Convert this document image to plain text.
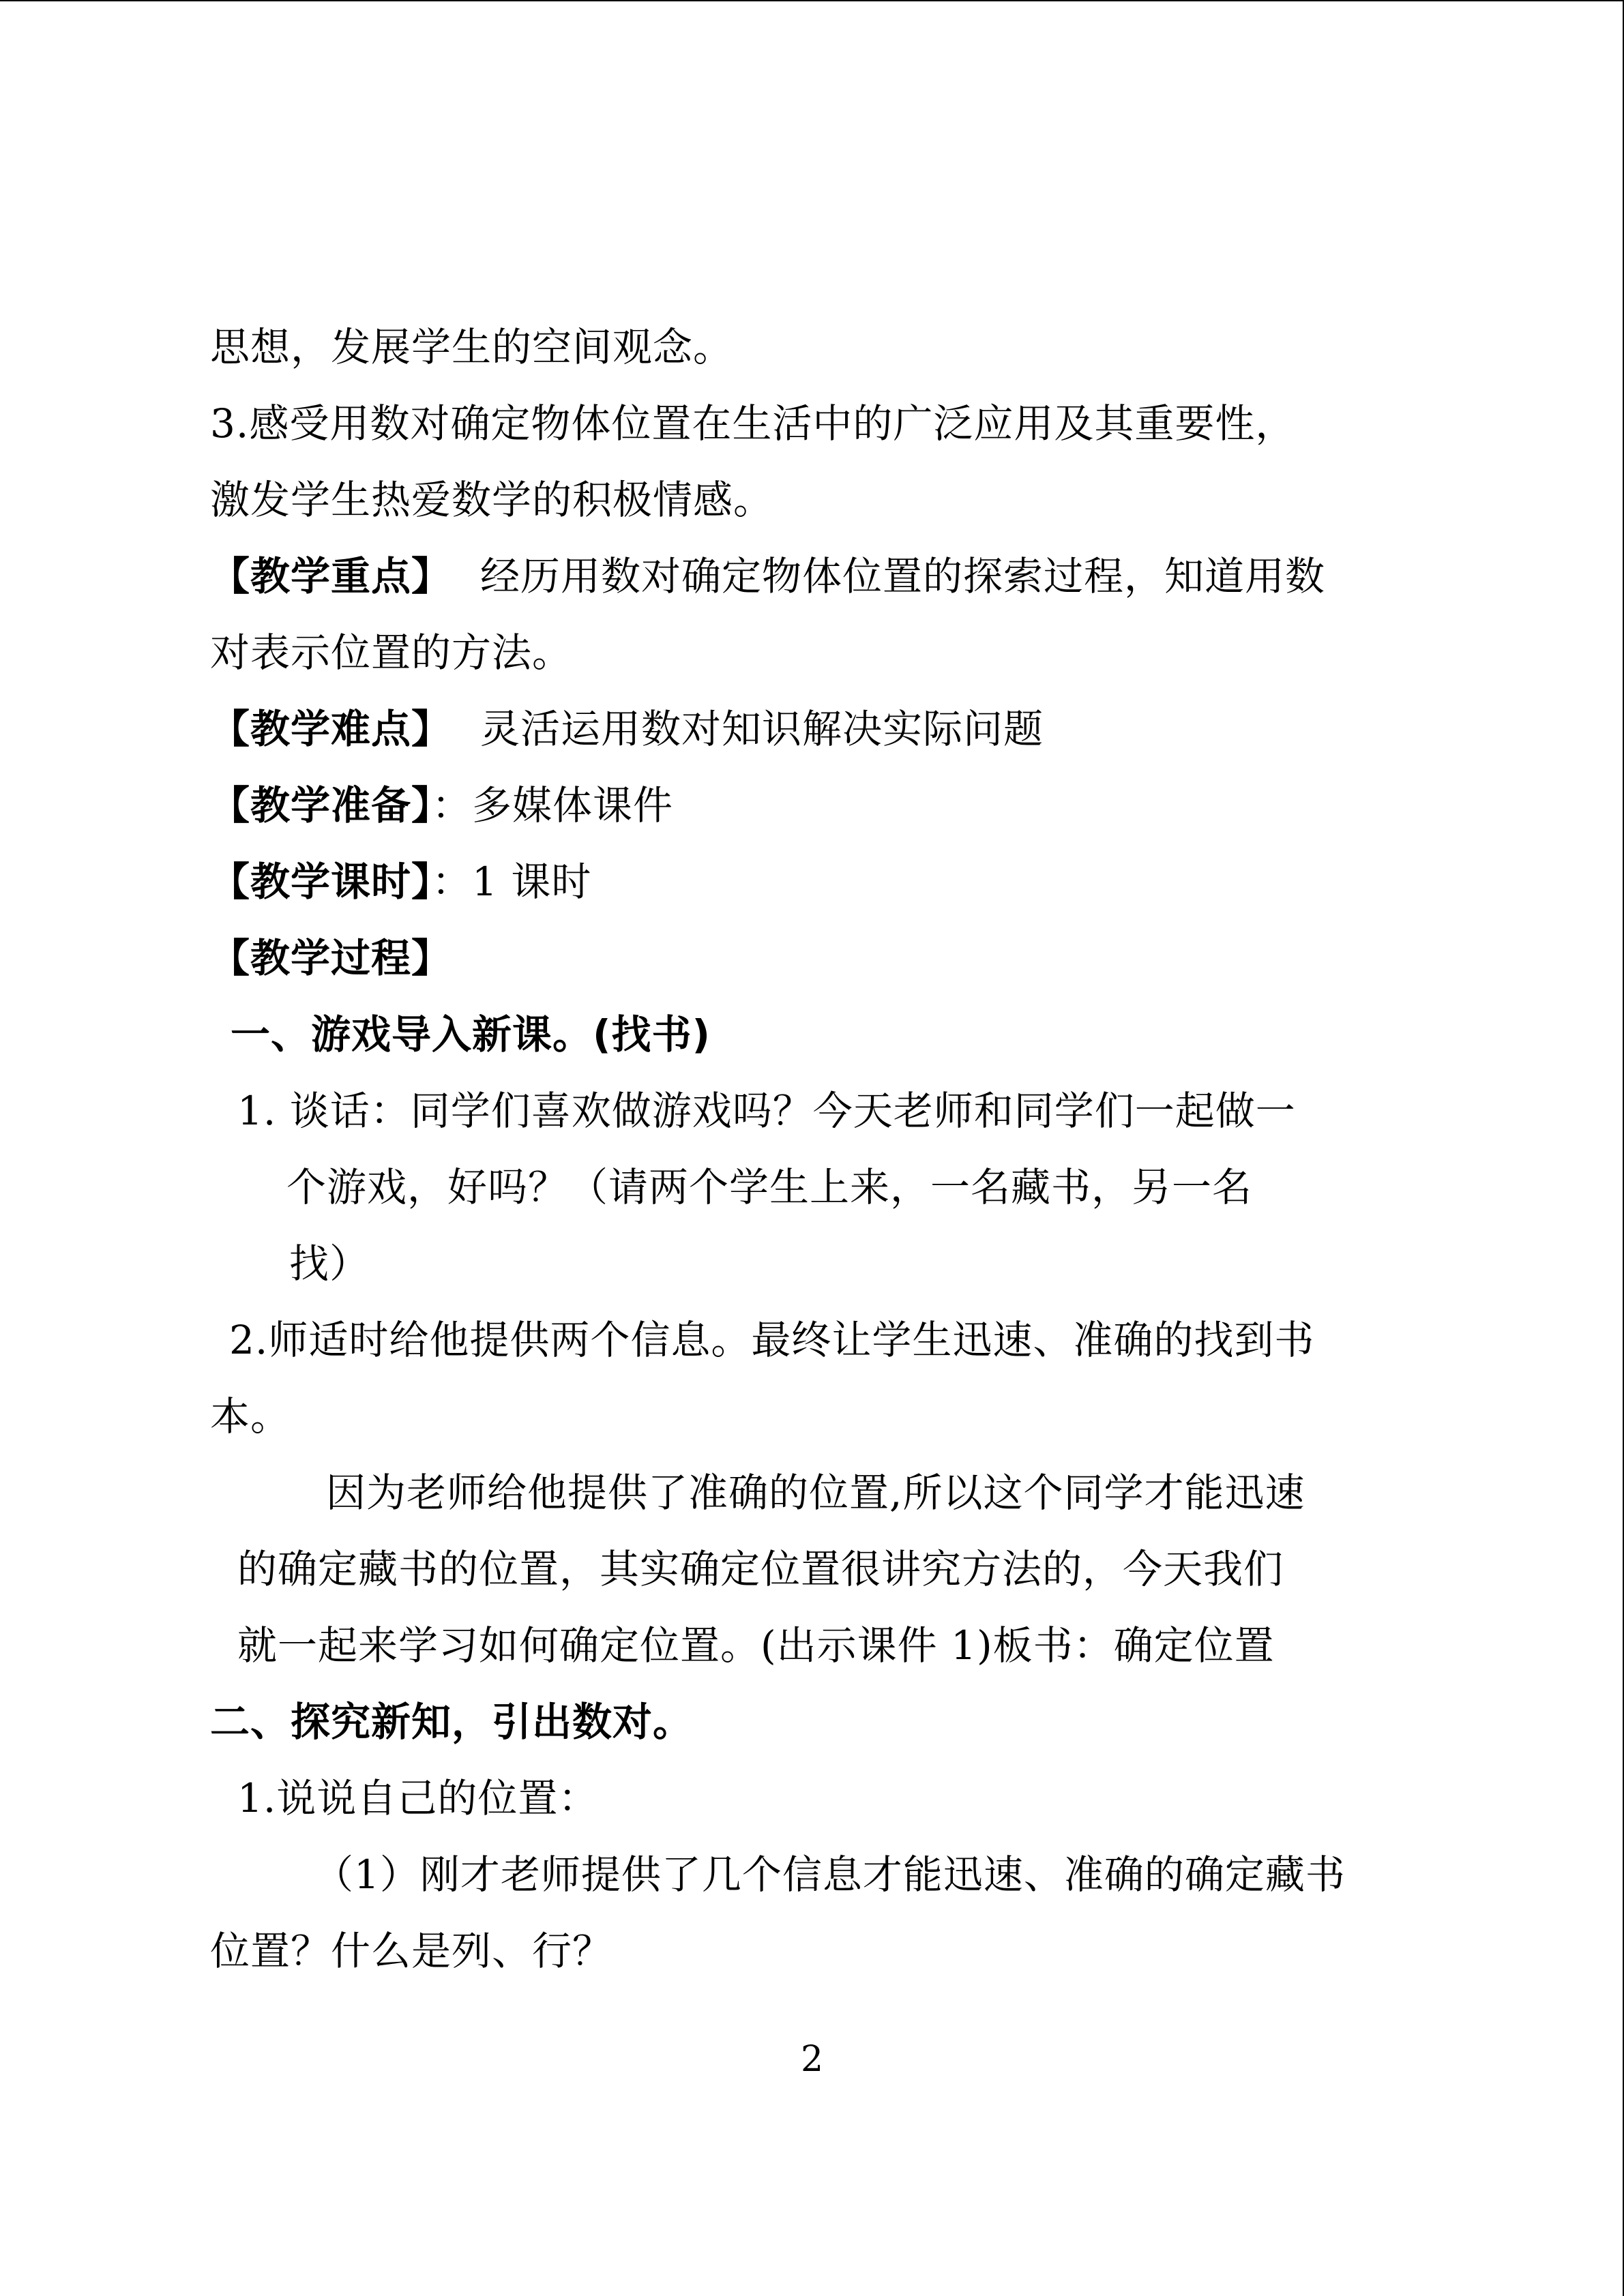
思想，发展学生的空间观念。

3.感受用数对确定物体位置在生活中的广泛应用及其重要性，

激发学生热爱数学的积极情感。

【教学重点】 经历用数对确定物体位置的探索过程，知道用数

对表示位置的方法。

【教学难点】 灵活运用数对知识解决实际问题

【教学准备】：多媒体课件

【教学课时】：1 课时

【教学过程】

一、游戏导入新课。(找书)

1. 谈话：同学们喜欢做游戏吗？今天老师和同学们一起做一

个游戏，好吗？（请两个学生上来，一名藏书，另一名

找）

2.师适时给他提供两个信息。最终让学生迅速、准确的找到书

本。

因为老师给他提供了准确的位置,所以这个同学才能迅速

的确定藏书的位置，其实确定位置很讲究方法的，今天我们

就一起来学习如何确定位置。(出示课件 1)板书：确定位置

二、探究新知，引出数对。

1.说说自己的位置：

（1）刚才老师提供了几个信息才能迅速、准确的确定藏书

位置？什么是列、行？

2
